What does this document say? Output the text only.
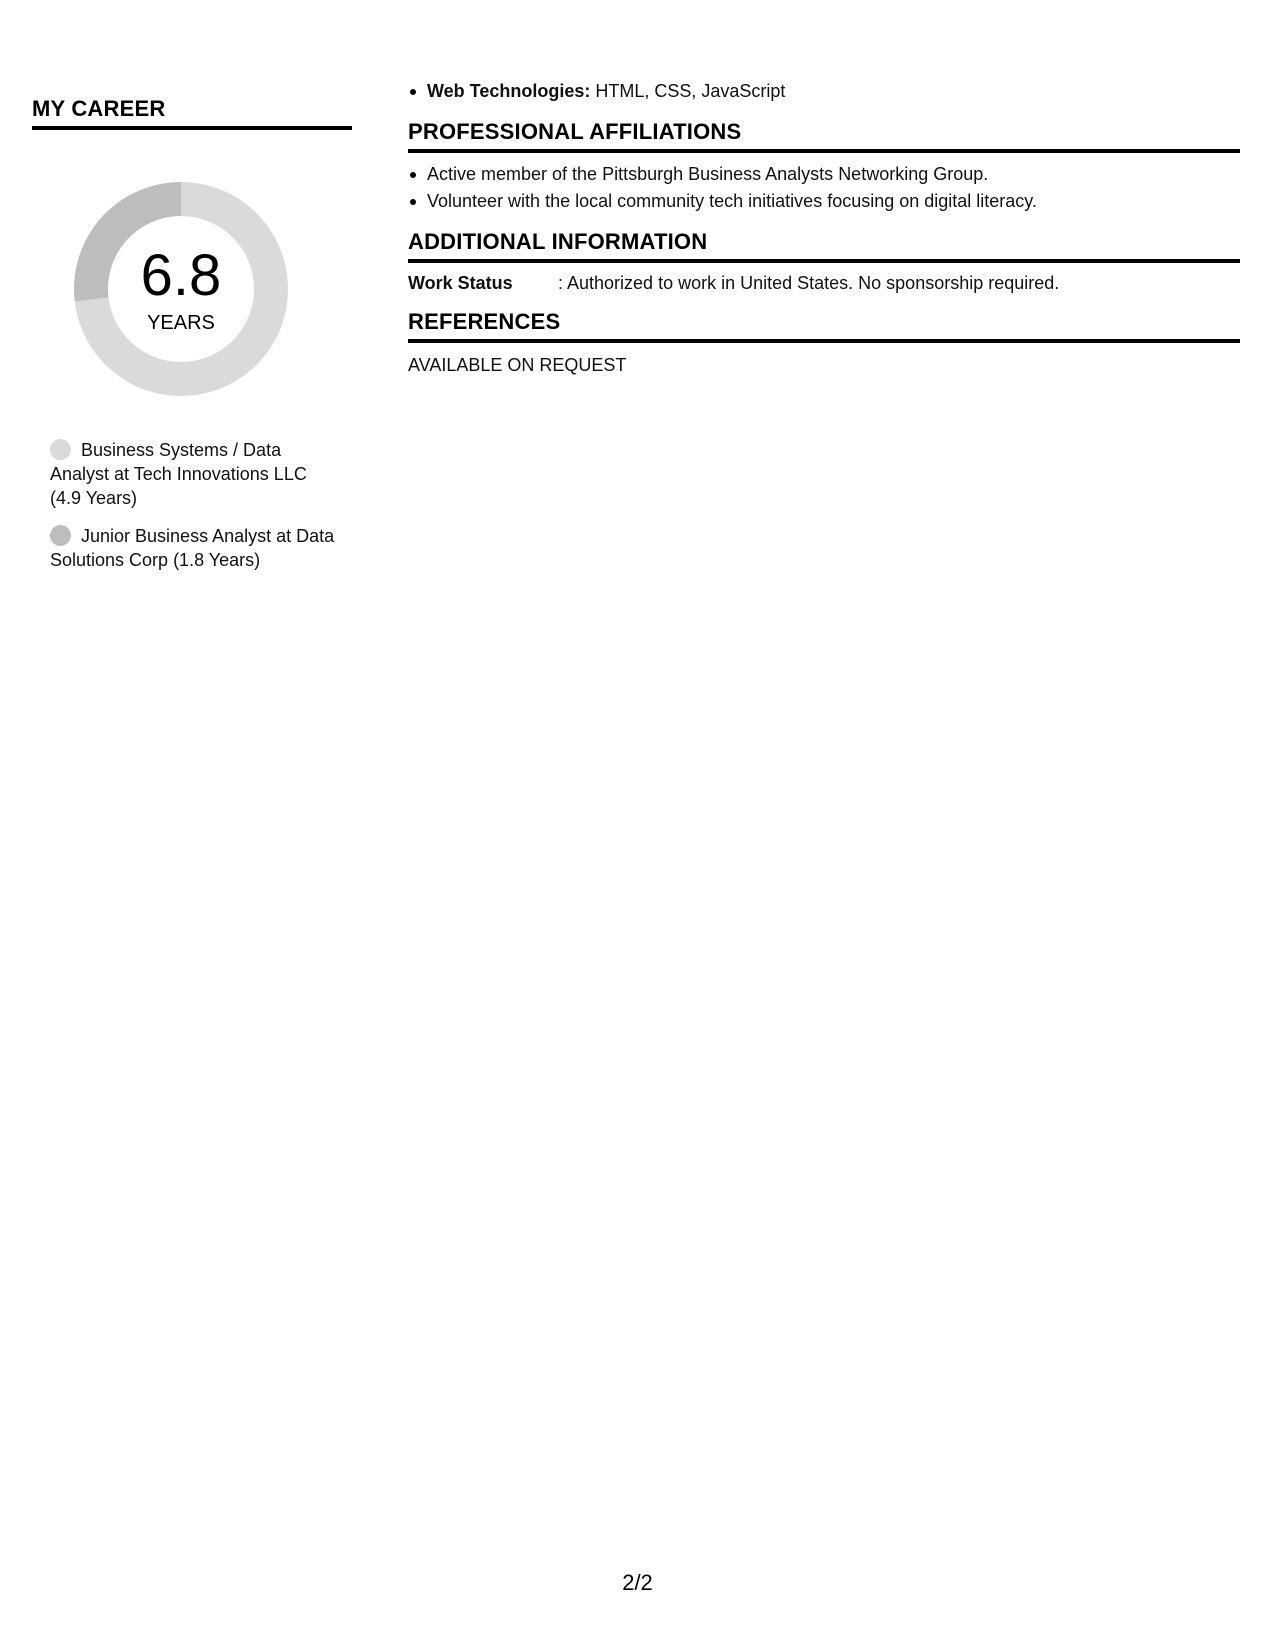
MY CAREER
6.8
YEARS
Business Systems / Data Analyst at Tech Innovations LLC (4.9 Years)
Junior Business Analyst at Data Solutions Corp (1.8 Years)
Web Technologies: HTML, CSS, JavaScript
PROFESSIONAL AFFILIATIONS
Active member of the Pittsburgh Business Analysts Networking Group.
Volunteer with the local community tech initiatives focusing on digital literacy.
ADDITIONAL INFORMATION
Work Status	: Authorized to work in United States. No sponsorship required.
REFERENCES
AVAILABLE ON REQUEST
2/2
